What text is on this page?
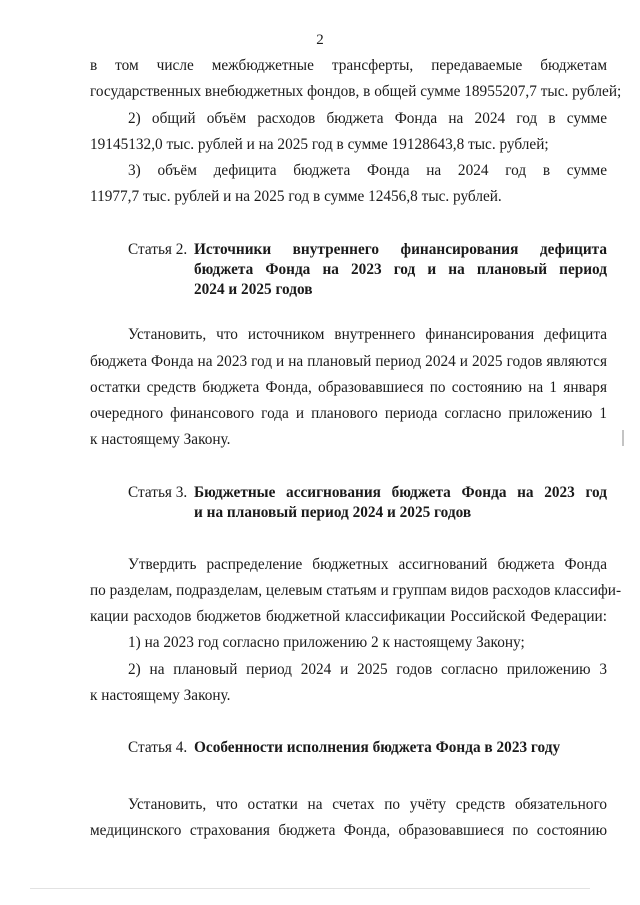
2
в том числе межбюджетные трансферты, передаваемые бюджетам
государственных внебюджетных фондов, в общей сумме 18955207,7 тыс. рублей;
2) общий объём расходов бюджета Фонда на 2024 год в сумме
19145132,0 тыс. рублей и на 2025 год в сумме 19128643,8 тыс. рублей;
3) объём дефицита бюджета Фонда на 2024 год в сумме
11977,7 тыс. рублей и на 2025 год в сумме 12456,8 тыс. рублей.
Статья 2. Источники внутреннего финансирования дефицита
бюджета Фонда на 2023 год и на плановый период
2024 и 2025 годов
Установить, что источником внутреннего финансирования дефицита
бюджета Фонда на 2023 год и на плановый период 2024 и 2025 годов являются
остатки средств бюджета Фонда, образовавшиеся по состоянию на 1 января
очередного финансового года и планового периода согласно приложению 1
к настоящему Закону.
Статья 3. Бюджетные ассигнования бюджета Фонда на 2023 год
и на плановый период 2024 и 2025 годов
Утвердить распределение бюджетных ассигнований бюджета Фонда
по разделам, подразделам, целевым статьям и группам видов расходов классифи-
кации расходов бюджетов бюджетной классификации Российской Федерации:
1) на 2023 год согласно приложению 2 к настоящему Закону;
2) на плановый период 2024 и 2025 годов согласно приложению 3
к настоящему Закону.
Статья 4. Особенности исполнения бюджета Фонда в 2023 году
Установить, что остатки на счетах по учёту средств обязательного
медицинского страхования бюджета Фонда, образовавшиеся по состоянию
